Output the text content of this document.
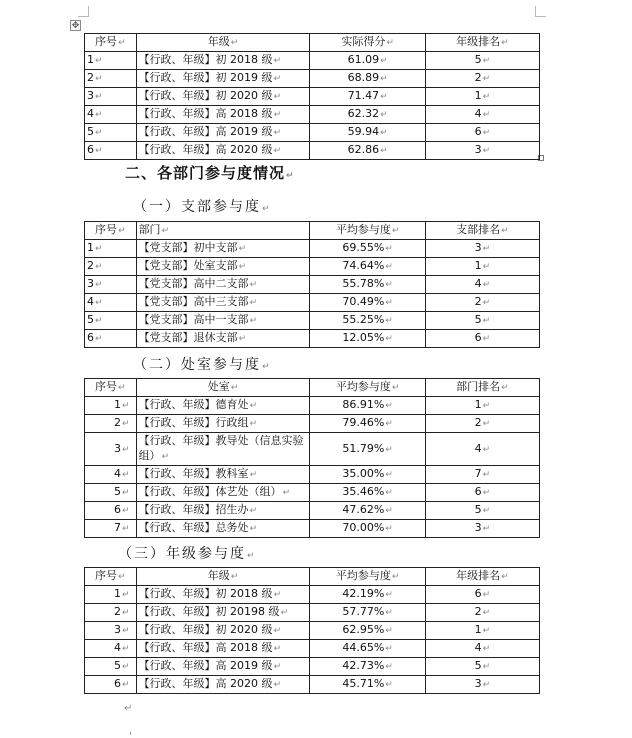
✥
序号↵	年级↵	实际得分↵	年级排名↵
1↵	【行政、年级】初 2018 级↵	61.09↵	5↵
2↵	【行政、年级】初 2019 级↵	68.89↵	2↵
3↵	【行政、年级】初 2020 级↵	71.47↵	1↵
4↵	【行政、年级】高 2018 级↵	62.32↵	4↵
5↵	【行政、年级】高 2019 级↵	59.94↵	6↵
6↵	【行政、年级】高 2020 级↵	62.86↵	3↵
二、各部门参与度情况↵
（一）支部参与度↵
序号↵	部门↵	平均参与度↵	支部排名↵
1↵	【党支部】初中支部↵	69.55%↵	3↵
2↵	【党支部】处室支部↵	74.64%↵	1↵
3↵	【党支部】高中二支部↵	55.78%↵	4↵
4↵	【党支部】高中三支部↵	70.49%↵	2↵
5↵	【党支部】高中一支部↵	55.25%↵	5↵
6↵	【党支部】退休支部↵	12.05%↵	6↵
（二）处室参与度↵
序号↵	处室↵	平均参与度↵	部门排名↵
1↵	【行政、年级】德育处↵	86.91%↵	1↵
2↵	【行政、年级】行政组↵	79.46%↵	2↵
3↵	【行政、年级】教导处（信息实验组）↵	51.79%↵	4↵
4↵	【行政、年级】教科室↵	35.00%↵	7↵
5↵	【行政、年级】体艺处（组）↵	35.46%↵	6↵
6↵	【行政、年级】招生办↵	47.62%↵	5↵
7↵	【行政、年级】总务处↵	70.00%↵	3↵
（三）年级参与度↵
序号↵	年级↵	平均参与度↵	年级排名↵
1↵	【行政、年级】初 2018 级↵	42.19%↵	6↵
2↵	【行政、年级】初 20198 级↵	57.77%↵	2↵
3↵	【行政、年级】初 2020 级↵	62.95%↵	1↵
4↵	【行政、年级】高 2018 级↵	44.65%↵	4↵
5↵	【行政、年级】高 2019 级↵	42.73%↵	5↵
6↵	【行政、年级】高 2020 级↵	45.71%↵	3↵
↵
